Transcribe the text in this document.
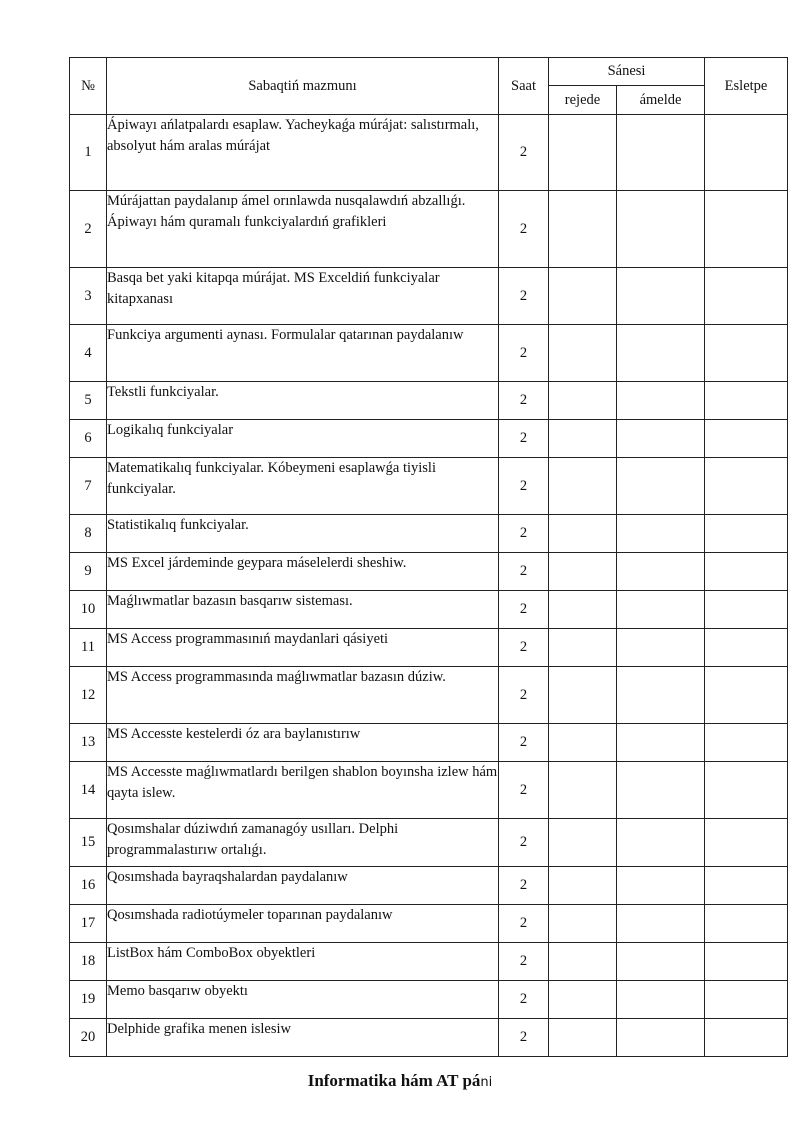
№	Sabaqtiń mazmunı	Saat	Sánesi		Esletpe
			rejede	ámelde	
1	Ápiwayı ańlatpalardı esaplaw. Yacheykaǵa múrájat: salıstırmalı, absolyut hám aralas múrájat	2			
2	Múrájattan paydalanıp ámel orınlawda nusqalawdıń abzallıǵı. Ápiwayı hám quramalı funkciyalardıń grafikleri	2			
3	Basqa bet yaki kitapqa múrájat. MS Exceldiń funkciyalar kitapxanası	2			
4	Funkciya argumenti aynası. Formulalar qatarınan paydalanıw	2			
5	Tekstli funkciyalar.	2			
6	Logikalıq funkciyalar	2			
7	Matematikalıq funkciyalar. Kóbeymeni esaplawǵa tiyisli funkciyalar.	2			
8	Statistikalıq funkciyalar.	2			
9	MS Excel járdeminde geypara máselelerdi sheshiw.	2			
10	Maǵlıwmatlar bazasın basqarıw sisteması.	2			
11	MS Access programmasınıń maydanlari qásiyeti	2			
12	MS Access programmasında maǵlıwmatlar bazasın dúziw.	2			
13	MS Accesste kestelerdi óz ara baylanıstırıw	2			
14	MS Accesste maǵlıwmatlardı berilgen shablon boyınsha izlew hám qayta islew.	2			
15	Qosımshalar dúziwdıń zamanagóy usılları. Delphi programmalastırıw ortalıǵı.	2			
16	Qosımshada bayraqshalardan paydalanıw	2			
17	Qosımshada radiotúymeler toparınan paydalanıw	2			
18	ListBox hám ComboBox obyektleri	2			
19	Memo basqarıw obyektı	2			
20	Delphide grafika menen islesiw	2			
Informatika hám AT páni
